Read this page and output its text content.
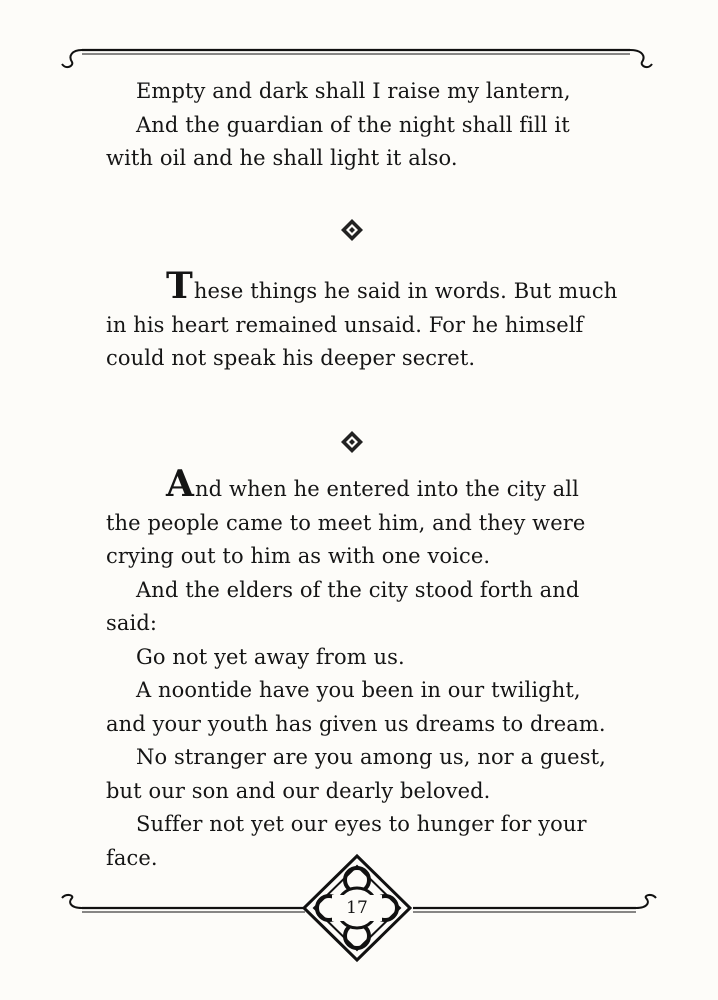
Empty and dark shall I raise my lantern,

And the guardian of the night shall fill it with oil and he shall light it also.

These things he said in words. But much in his heart remained unsaid. For he himself could not speak his deeper secret.

And when he entered into the city all the people came to meet him, and they were crying out to him as with one voice.

And the elders of the city stood forth and said:

Go not yet away from us.

A noontide have you been in our twilight, and your youth has given us dreams to dream.

No stranger are you among us, nor a guest, but our son and our dearly beloved.

Suffer not yet our eyes to hunger for your face.

17
